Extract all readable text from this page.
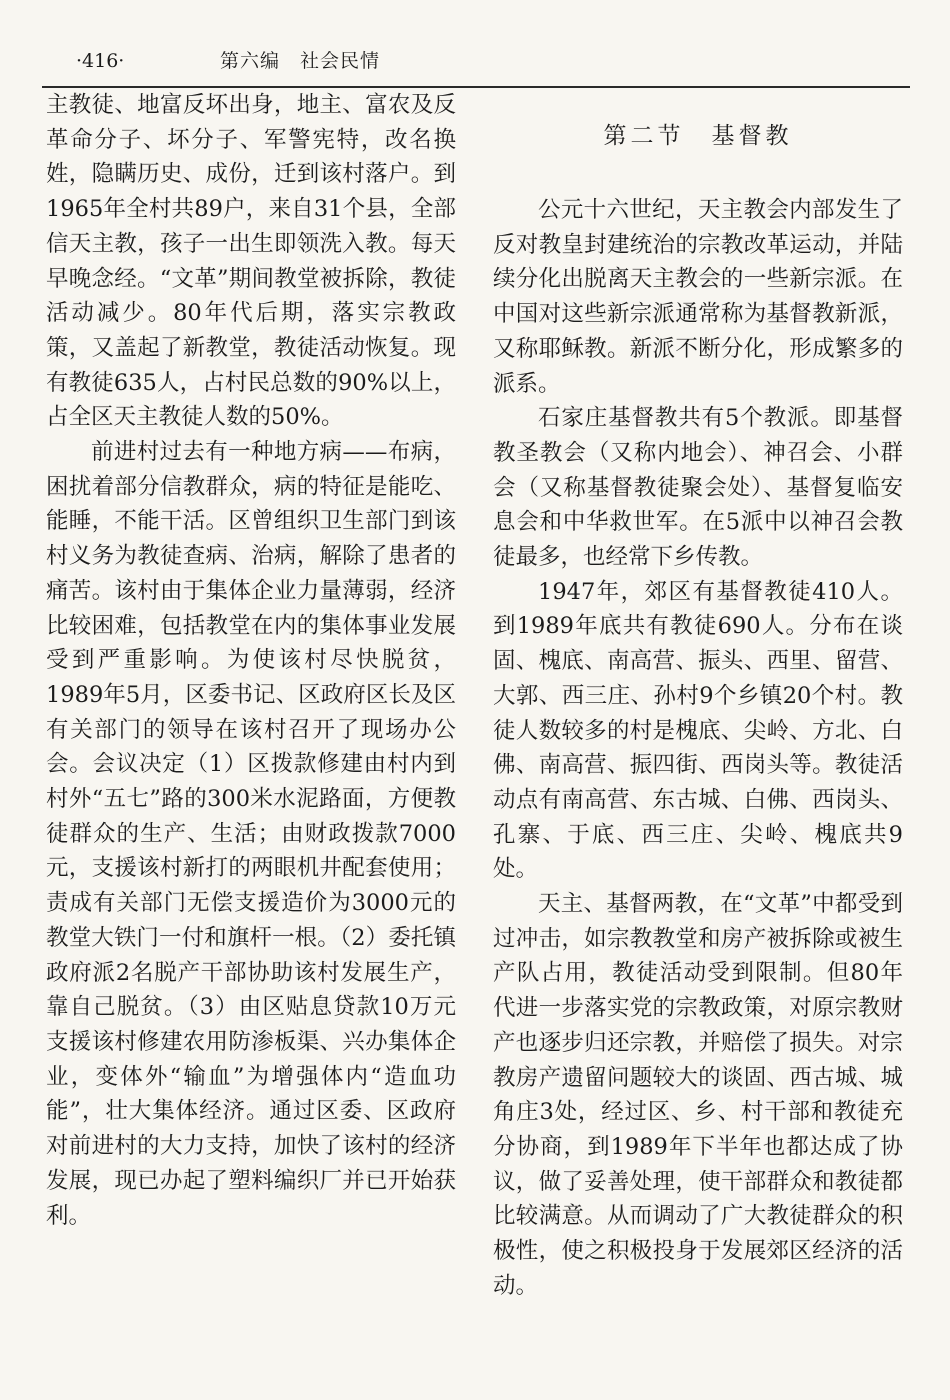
·416·	第六编　社会民情

主教徒、地富反坏出身，地主、富农及反革命分子、坏分子、军警宪特，改名换姓，隐瞒历史、成份，迁到该村落户。到1965年全村共89户，来自31个县，全部信天主教，孩子一出生即领洗入教。每天早晚念经。“文革”期间教堂被拆除，教徒活动减少。80年代后期，落实宗教政策，又盖起了新教堂，教徒活动恢复。现有教徒635人，占村民总数的90%以上，占全区天主教徒人数的50%。

前进村过去有一种地方病——布病，困扰着部分信教群众，病的特征是能吃、能睡，不能干活。区曾组织卫生部门到该村义务为教徒查病、治病，解除了患者的痛苦。该村由于集体企业力量薄弱，经济比较困难，包括教堂在内的集体事业发展受到严重影响。为使该村尽快脱贫，1989年5月，区委书记、区政府区长及区有关部门的领导在该村召开了现场办公会。会议决定（1）区拨款修建由村内到村外“五七”路的300米水泥路面，方便教徒群众的生产、生活；由财政拨款7000元，支援该村新打的两眼机井配套使用；责成有关部门无偿支援造价为3000元的教堂大铁门一付和旗杆一根。（2）委托镇政府派2名脱产干部协助该村发展生产，靠自己脱贫。（3）由区贴息贷款10万元支援该村修建农用防渗板渠、兴办集体企业，变体外“输血”为增强体内“造血功能”，壮大集体经济。通过区委、区政府对前进村的大力支持，加快了该村的经济发展，现已办起了塑料编织厂并已开始获利。

第二节　基督教

公元十六世纪，天主教会内部发生了反对教皇封建统治的宗教改革运动，并陆续分化出脱离天主教会的一些新宗派。在中国对这些新宗派通常称为基督教新派，又称耶稣教。新派不断分化，形成繁多的派系。

石家庄基督教共有5个教派。即基督教圣教会（又称内地会）、神召会、小群会（又称基督教徒聚会处）、基督复临安息会和中华救世军。在5派中以神召会教徒最多，也经常下乡传教。

1947年，郊区有基督教徒410人。到1989年底共有教徒690人。分布在谈固、槐底、南高营、振头、西里、留营、大郭、西三庄、孙村9个乡镇20个村。教徒人数较多的村是槐底、尖岭、方北、白佛、南高营、振四街、西岗头等。教徒活动点有南高营、东古城、白佛、西岗头、孔寨、于底、西三庄、尖岭、槐底共9处。

天主、基督两教，在“文革”中都受到过冲击，如宗教教堂和房产被拆除或被生产队占用，教徒活动受到限制。但80年代进一步落实党的宗教政策，对原宗教财产也逐步归还宗教，并赔偿了损失。对宗教房产遗留问题较大的谈固、西古城、城角庄3处，经过区、乡、村干部和教徒充分协商，到1989年下半年也都达成了协议，做了妥善处理，使干部群众和教徒都比较满意。从而调动了广大教徒群众的积极性，使之积极投身于发展郊区经济的活动。
